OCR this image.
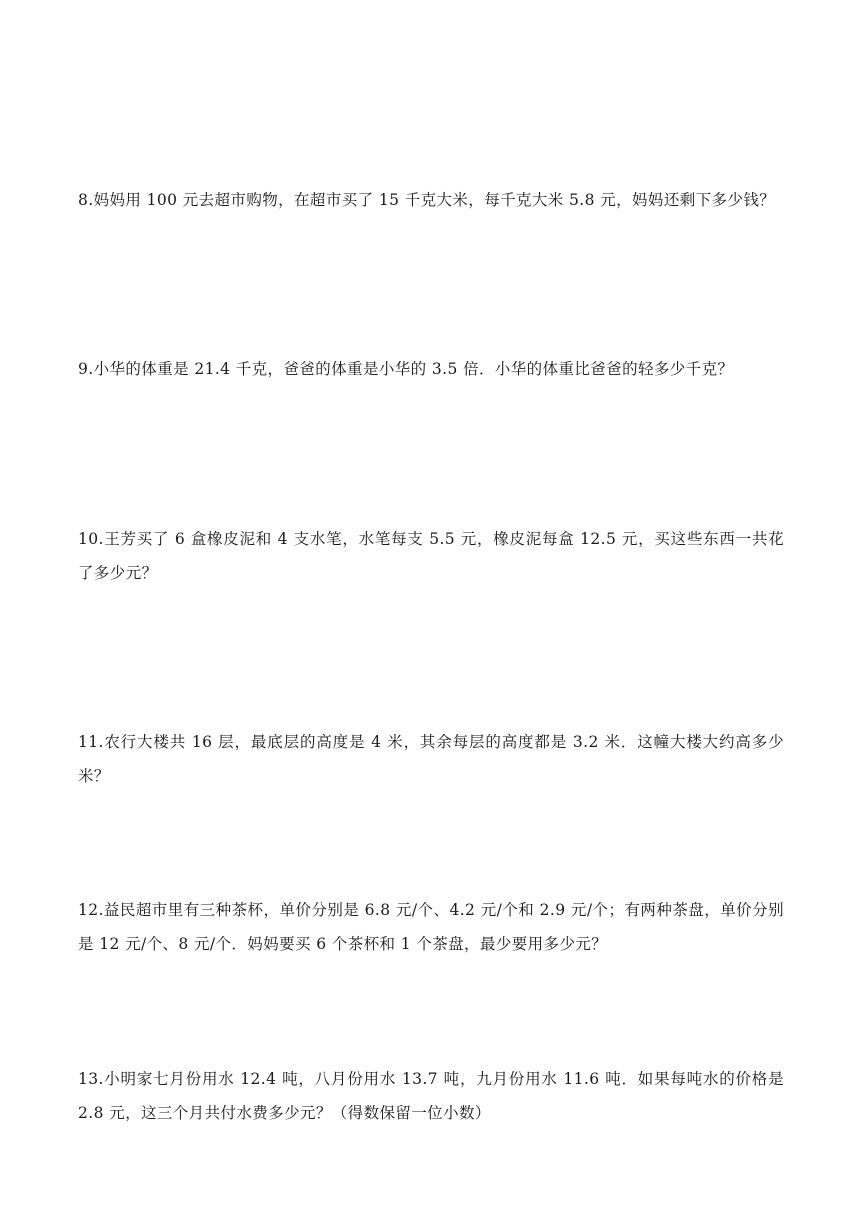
8.妈妈用 100 元去超市购物，在超市买了 15 千克大米，每千克大米 5.8 元，妈妈还剩下多少钱？
9.小华的体重是 21.4 千克，爸爸的体重是小华的 3.5 倍．小华的体重比爸爸的轻多少千克？
10.王芳买了 6 盒橡皮泥和 4 支水笔，水笔每支 5.5 元，橡皮泥每盒 12.5 元，买这些东西一共花了多少元？
11.农行大楼共 16 层，最底层的高度是 4 米，其余每层的高度都是 3.2 米．这幢大楼大约高多少米？
12.益民超市里有三种茶杯，单价分别是 6.8 元/个、4.2 元/个和 2.9 元/个；有两种茶盘，单价分别是 12 元/个、8 元/个．妈妈要买 6 个茶杯和 1 个茶盘，最少要用多少元？
13.小明家七月份用水 12.4 吨，八月份用水 13.7 吨，九月份用水 11.6 吨．如果每吨水的价格是 2.8 元，这三个月共付水费多少元？（得数保留一位小数）
